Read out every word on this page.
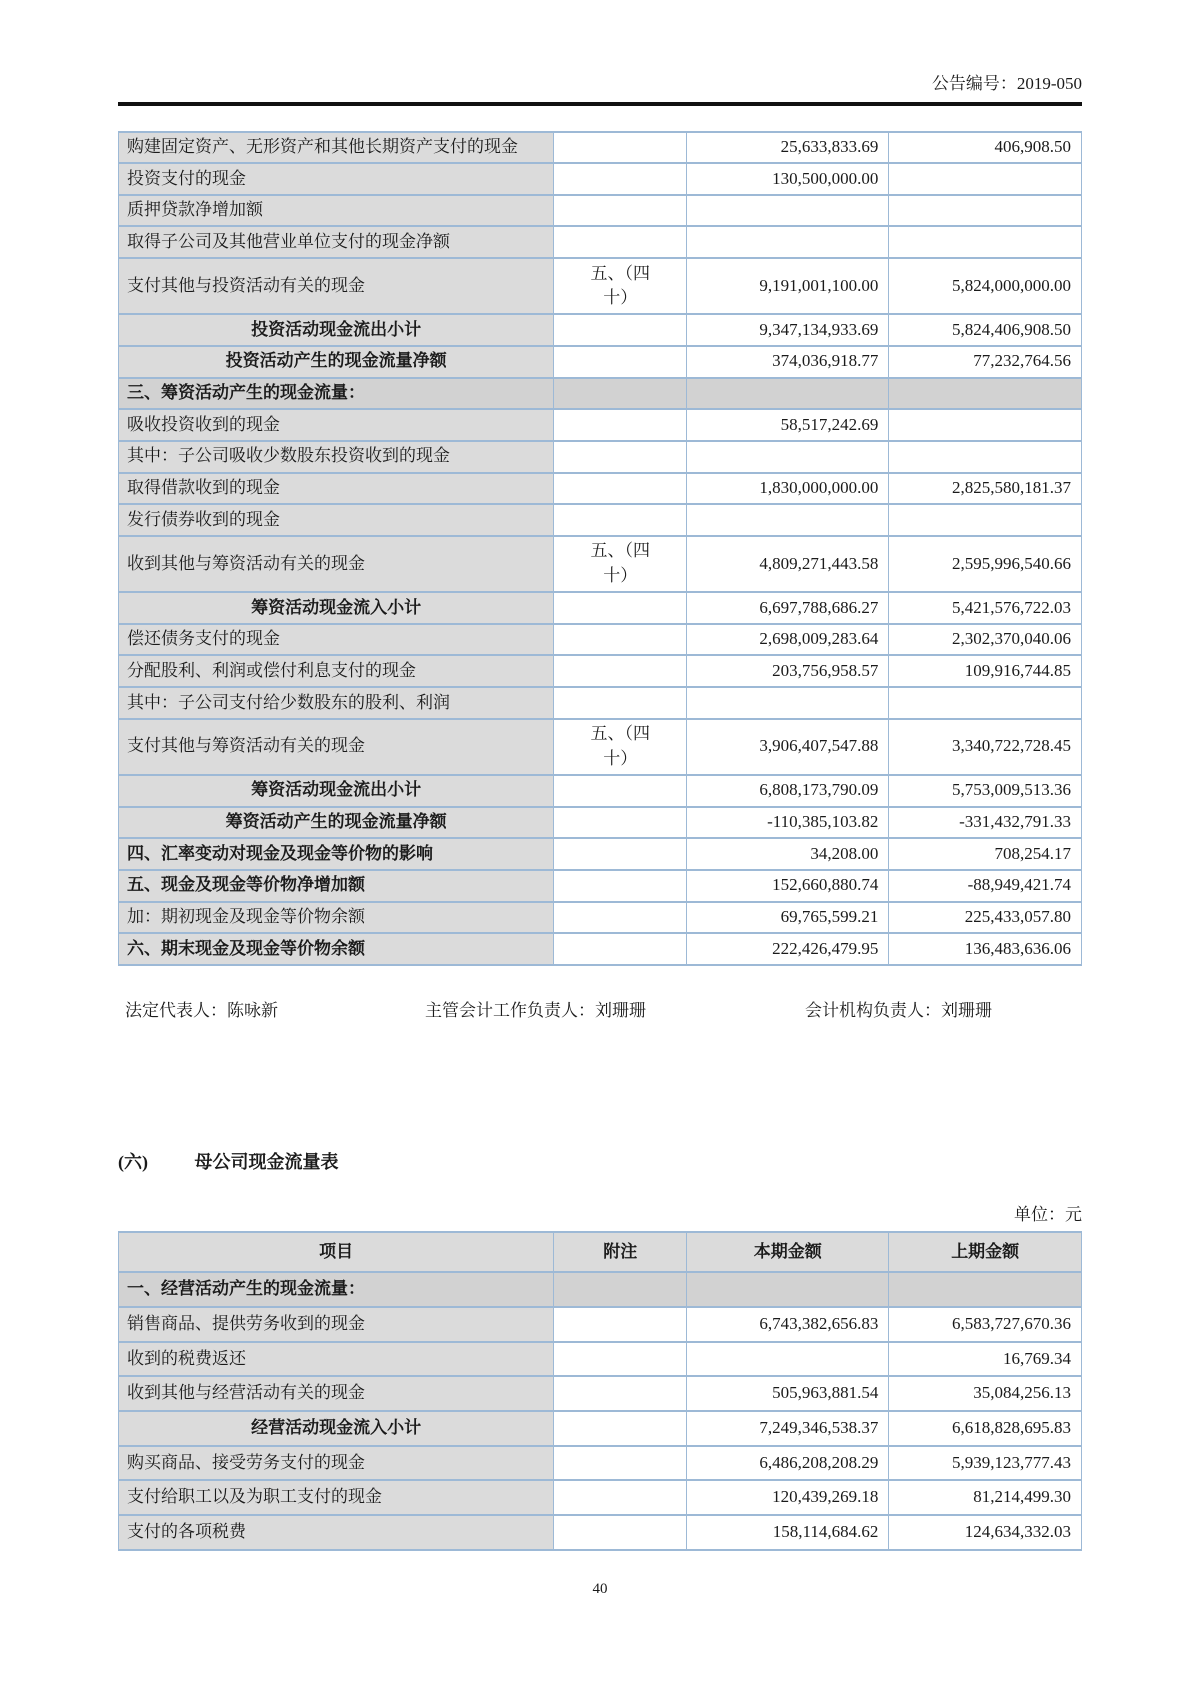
公告编号：2019-050
购建固定资产、无形资产和其他长期资产支付的现金		25,633,833.69	406,908.50
投资支付的现金		130,500,000.00	
质押贷款净增加额			
取得子公司及其他营业单位支付的现金净额			
支付其他与投资活动有关的现金	五、（四十）	9,191,001,100.00	5,824,000,000.00
投资活动现金流出小计		9,347,134,933.69	5,824,406,908.50
投资活动产生的现金流量净额		374,036,918.77	77,232,764.56
三、筹资活动产生的现金流量：			
吸收投资收到的现金		58,517,242.69	
其中：子公司吸收少数股东投资收到的现金			
取得借款收到的现金		1,830,000,000.00	2,825,580,181.37
发行债券收到的现金			
收到其他与筹资活动有关的现金	五、（四十）	4,809,271,443.58	2,595,996,540.66
筹资活动现金流入小计		6,697,788,686.27	5,421,576,722.03
偿还债务支付的现金		2,698,009,283.64	2,302,370,040.06
分配股利、利润或偿付利息支付的现金		203,756,958.57	109,916,744.85
其中：子公司支付给少数股东的股利、利润			
支付其他与筹资活动有关的现金	五、（四十）	3,906,407,547.88	3,340,722,728.45
筹资活动现金流出小计		6,808,173,790.09	5,753,009,513.36
筹资活动产生的现金流量净额		-110,385,103.82	-331,432,791.33
四、汇率变动对现金及现金等价物的影响		34,208.00	708,254.17
五、现金及现金等价物净增加额		152,660,880.74	-88,949,421.74
加：期初现金及现金等价物余额		69,765,599.21	225,433,057.80
六、期末现金及现金等价物余额		222,426,479.95	136,483,636.06
法定代表人：陈咏新	主管会计工作负责人：刘珊珊	会计机构负责人：刘珊珊
(六)	母公司现金流量表
单位：元
项目	附注	本期金额	上期金额
一、经营活动产生的现金流量：			
销售商品、提供劳务收到的现金		6,743,382,656.83	6,583,727,670.36
收到的税费返还			16,769.34
收到其他与经营活动有关的现金		505,963,881.54	35,084,256.13
经营活动现金流入小计		7,249,346,538.37	6,618,828,695.83
购买商品、接受劳务支付的现金		6,486,208,208.29	5,939,123,777.43
支付给职工以及为职工支付的现金		120,439,269.18	81,214,499.30
支付的各项税费		158,114,684.62	124,634,332.03
40
